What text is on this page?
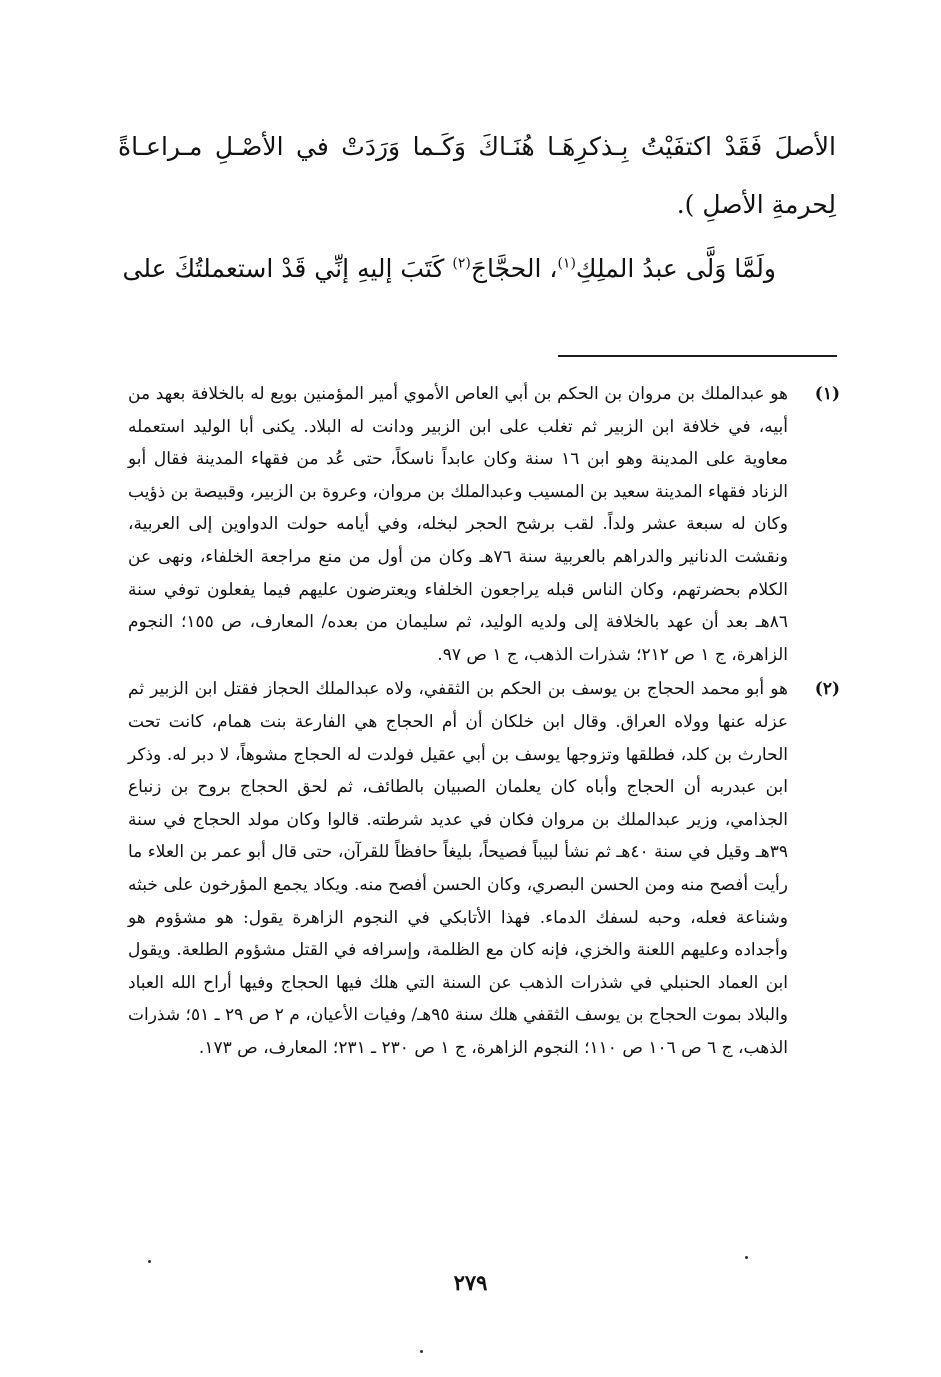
الأصلَ فَقَدْ اكتفَيْتُ بِـذكرِهَـا هُنَـاكَ وَكَـما وَرَدَتْ في الأصْـلِ مـراعـاةً لِحرمةِ الأصلِ ).

ولَمَّا وَلَّى عبدُ الملِكِ$^{(١)}$، الحجَّاجَ$^{(٢)}$ كَتَبَ إليهِ إنِّي قَدْ استعملتُكَ على

(١)
هو عبدالملك بن مروان بن الحكم بن أبي العاص الأموي أمير المؤمنين بويع له بالخلافة بعهد من أبيه، في خلافة ابن الزبير ثم تغلب على ابن الزبير ودانت له البلاد. يكنى أبا الوليد استعمله معاوية على المدينة وهو ابن ١٦ سنة وكان عابداً ناسكاً، حتى عُد من فقهاء المدينة فقال أبو الزناد فقهاء المدينة سعيد بن المسيب وعبدالملك بن مروان، وعروة بن الزبير، وقبيصة بن ذؤيب وكان له سبعة عشر ولداً. لقب برشح الحجر لبخله، وفي أيامه حولت الدواوين إلى العربية، ونقشت الدنانير والدراهم بالعربية سنة ٧٦هـ وكان من أول من منع مراجعة الخلفاء، ونهى عن الكلام بحضرتهم، وكان الناس قبله يراجعون الخلفاء ويعترضون عليهم فيما يفعلون توفي سنة ٨٦هـ بعد أن عهد بالخلافة إلى ولديه الوليد، ثم سليمان من بعده/ المعارف، ص ١٥٥؛ النجوم الزاهرة، ج ١ ص ٢١٢؛ شذرات الذهب، ج ١ ص ٩٧.

(٢)
هو أبو محمد الحجاج بن يوسف بن الحكم بن الثقفي، ولاه عبدالملك الحجاز فقتل ابن الزبير ثم عزله عنها وولاه العراق. وقال ابن خلكان أن أم الحجاج هي الفارعة بنت همام، كانت تحت الحارث بن كلد، فطلقها وتزوجها يوسف بن أبي عقيل فولدت له الحجاج مشوهاً، لا دبر له. وذكر ابن عبدربه أن الحجاج وأباه كان يعلمان الصبيان بالطائف، ثم لحق الحجاج بروح بن زنباع الجذامي، وزير عبدالملك بن مروان فكان في عديد شرطته. قالوا وكان مولد الحجاج في سنة ٣٩هـ وقيل في سنة ٤٠هـ ثم نشأ لبيباً فصيحاً، بليغاً حافظاً للقرآن، حتى قال أبو عمر بن العلاء ما رأيت أفصح منه ومن الحسن البصري، وكان الحسن أفصح منه. ويكاد يجمع المؤرخون على خبثه وشناعة فعله، وحبه لسفك الدماء. فهذا الأتابكي في النجوم الزاهرة يقول: هو مشؤوم هو وأجداده وعليهم اللعنة والخزي، فإنه كان مع الظلمة، وإسرافه في القتل مشؤوم الطلعة. ويقول ابن العماد الحنبلي في شذرات الذهب عن السنة التي هلك فيها الحجاج وفيها أراح الله العباد والبلاد بموت الحجاج بن يوسف الثقفي هلك سنة ٩٥هـ/ وفيات الأعيان، م ٢ ص ٢٩ ـ ٥١؛ شذرات الذهب، ج ٦ ص ١٠٦ ص ١١٠؛ النجوم الزاهرة، ج ١ ص ٢٣٠ ـ ٢٣١؛ المعارف، ص ١٧٣.

٢٧٩
